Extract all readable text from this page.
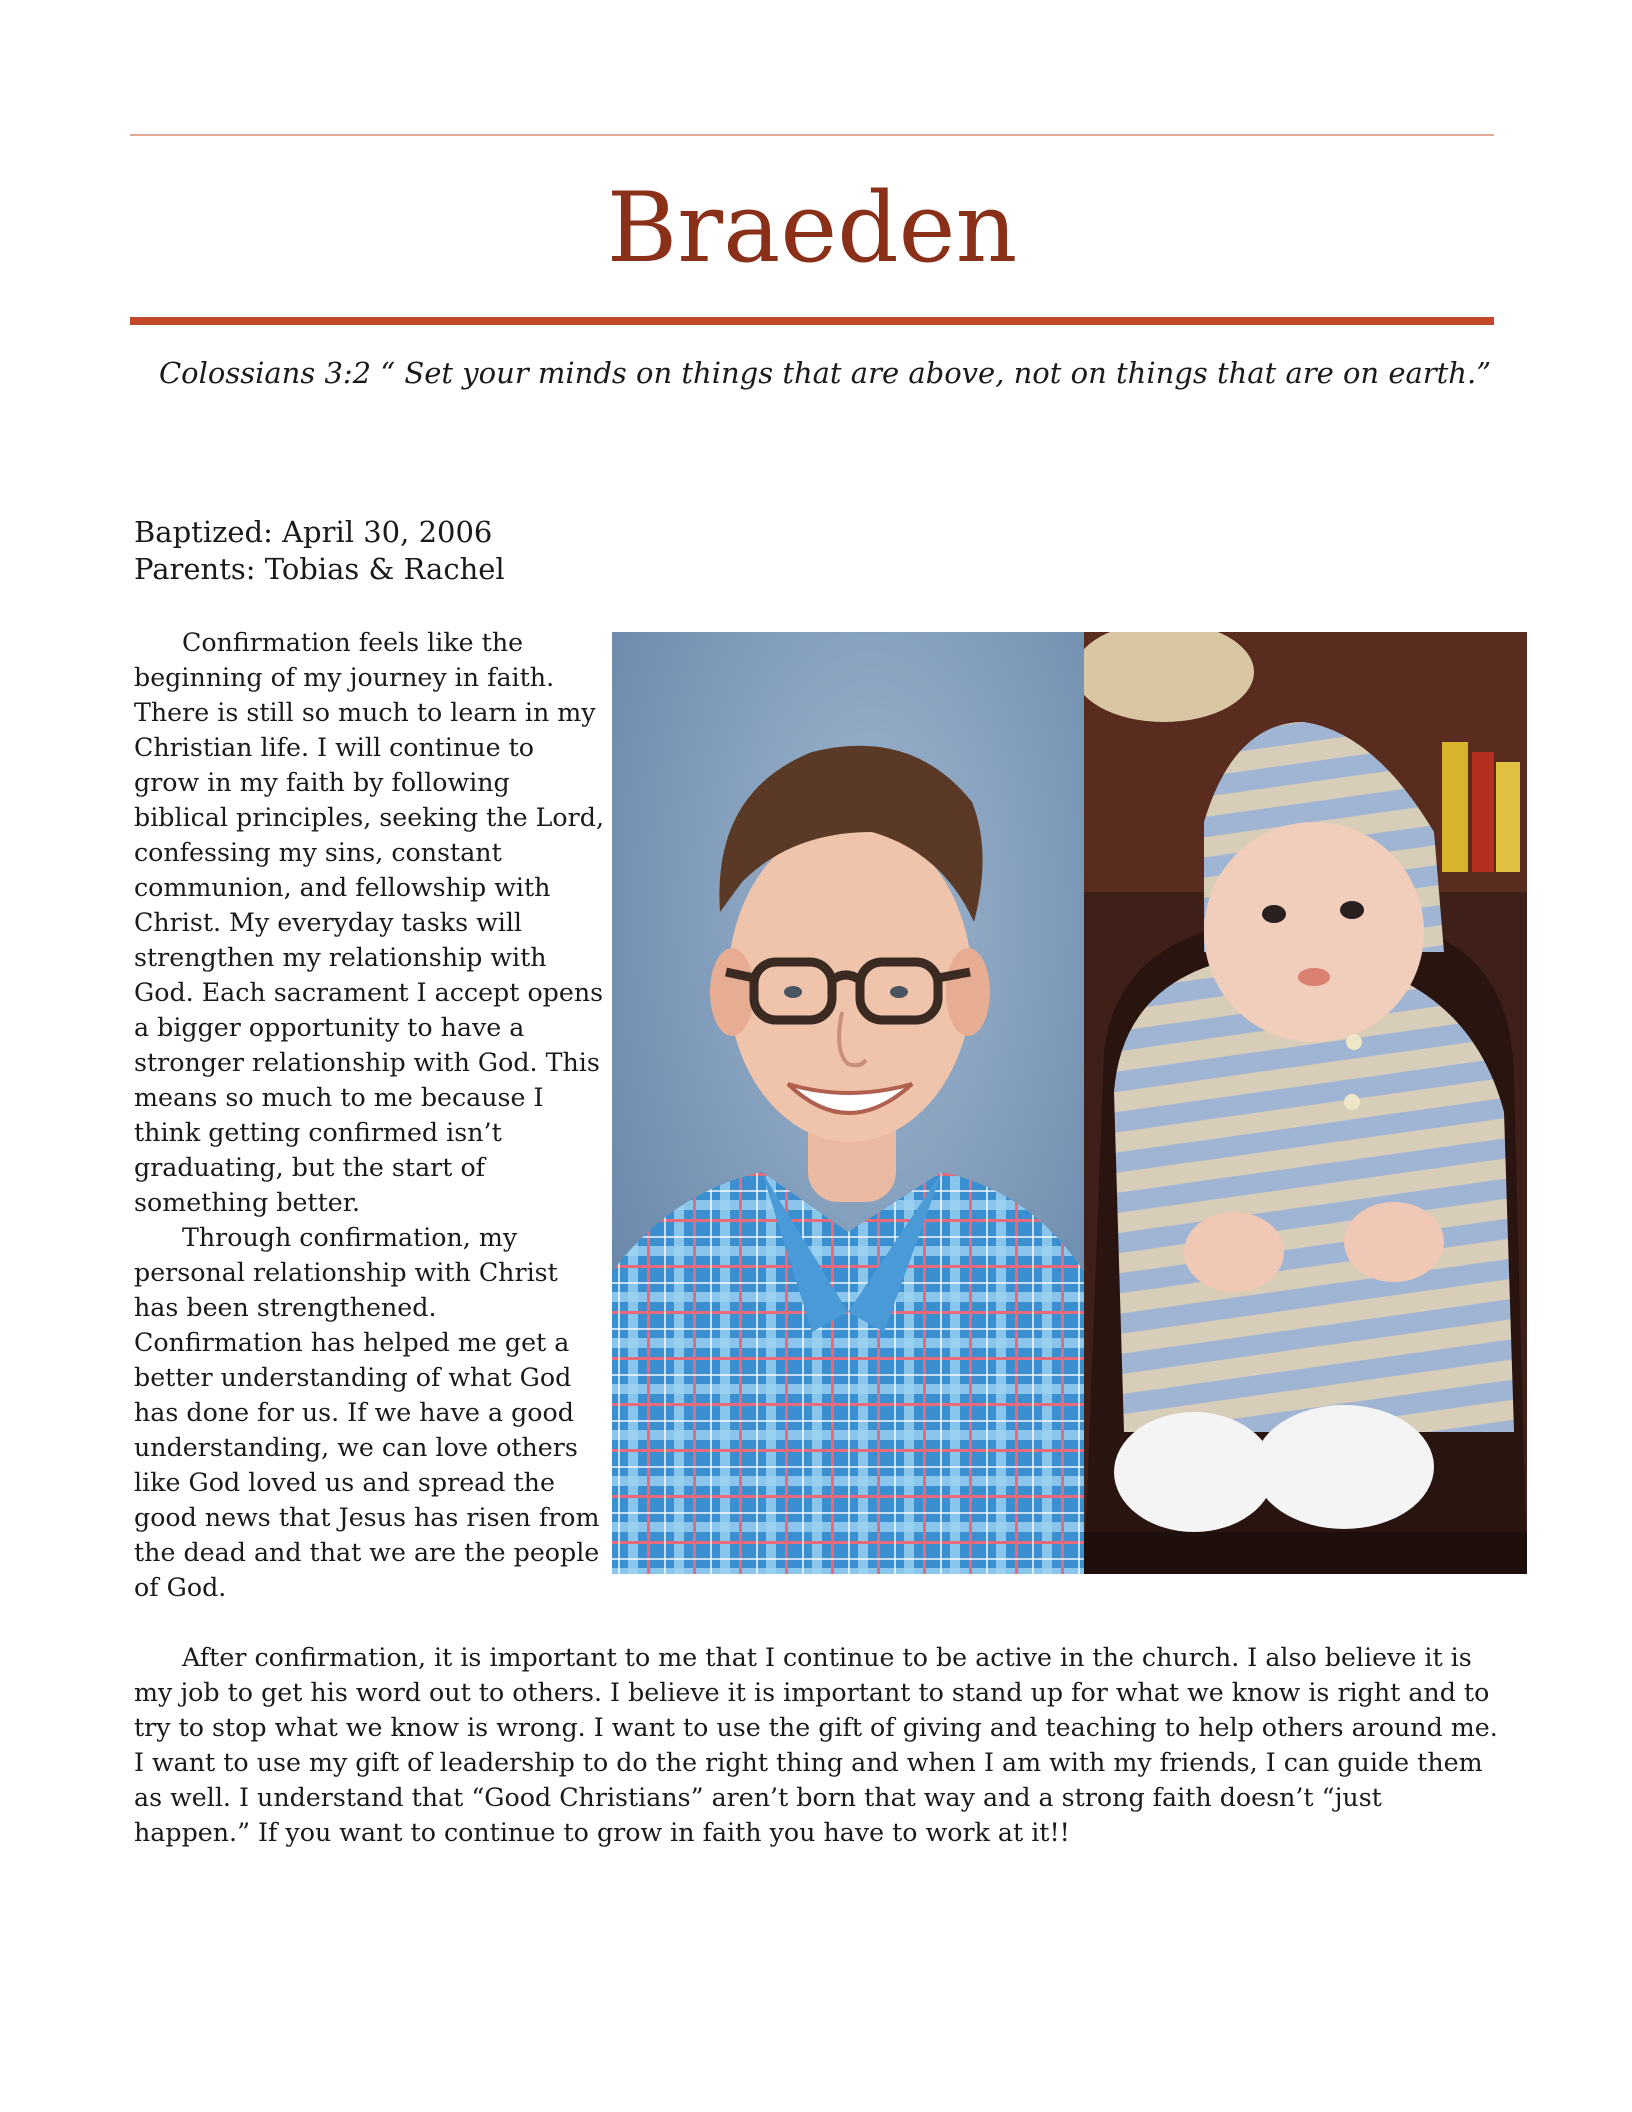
Braeden
Colossians 3:2 “ Set your minds on things that are above, not on things that are on earth.”
Baptized: April 30, 2006
Parents: Tobias & Rachel

Confirmation feels like the beginning of my journey in faith. There is still so much to learn in my Christian life. I will continue to grow in my faith by following biblical principles, seeking the Lord, confessing my sins, constant communion, and fellowship with Christ. My everyday tasks will strengthen my relationship with God. Each sacrament I accept opens a bigger opportunity to have a stronger relationship with God. This means so much to me because I think getting confirmed isn’t graduating, but the start of something better.

Through confirmation, my personal relationship with Christ has been strengthened. Confirmation has helped me get a better understanding of what God has done for us. If we have a good understanding, we can love others like God loved us and spread the good news that Jesus has risen from the dead and that we are the people of God.

After confirmation, it is important to me that I continue to be active in the church. I also believe it is my job to get his word out to others. I believe it is important to stand up for what we know is right and to try to stop what we know is wrong. I want to use the gift of giving and teaching to help others around me. I want to use my gift of leadership to do the right thing and when I am with my friends, I can guide them as well. I understand that “Good Christians” aren’t born that way and a strong faith doesn’t “just happen.” If you want to continue to grow in faith you have to work at it!!
